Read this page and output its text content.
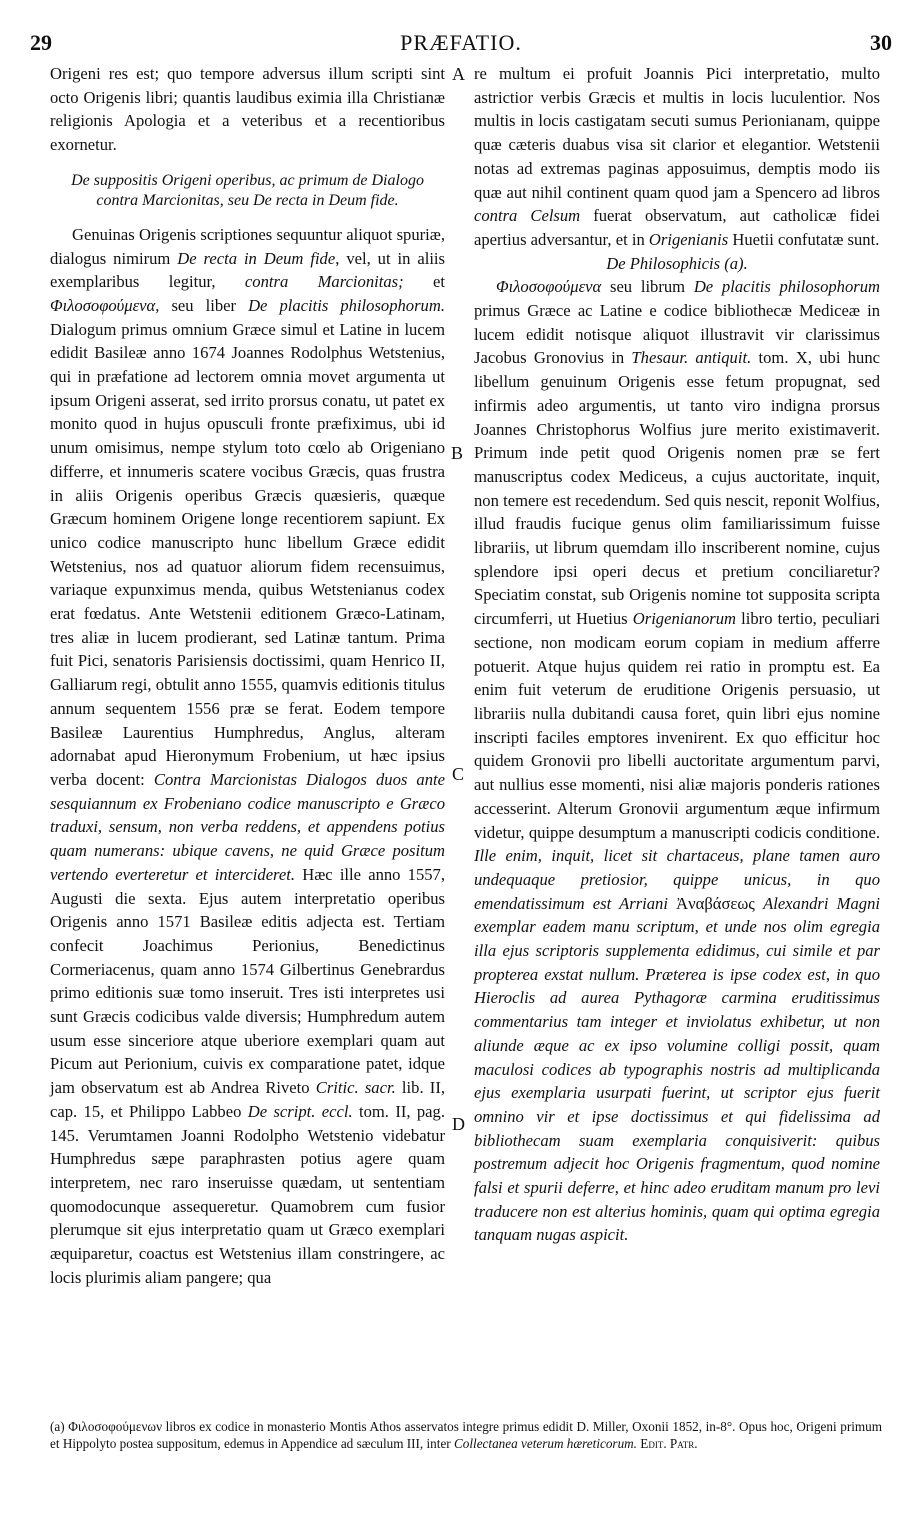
29	PRÆFATIO.	30

Origeni res est; quo tempore adversus illum scripti sint octo Origenis libri; quantis laudibus eximia illa Christianæ religionis Apologia et a veteribus et a recentioribus exornetur.

De suppositis Origeni operibus, ac primum de Dialogo contra Marcionitas, seu De recta in Deum fide.

Genuinas Origenis scriptiones sequuntur aliquot spuriæ, dialogus nimirum De recta in Deum fide, vel, ut in aliis exemplaribus legitur, contra Marcionitas; et Φιλοσοφούμενα, seu liber De placitis philosophorum. Dialogum primus omnium Græce simul et Latine in lucem edidit Basileæ anno 1674 Joannes Rodolphus Wetstenius, qui in præfatione ad lectorem omnia movet argumenta ut ipsum Origeni asserat, sed irrito prorsus conatu, ut patet ex monito quod in hujus opusculi fronte præfiximus, ubi id unum omisimus, nempe stylum toto cœlo ab Origeniano differre, et innumeris scatere vocibus Græcis, quas frustra in aliis Origenis operibus Græcis quæsieris, quæque Græcum hominem Origene longe recentiorem sapiunt. Ex unico codice manuscripto hunc libellum Græce edidit Wetstenius, nos ad quatuor aliorum fidem recensuimus, variaque expunximus menda, quibus Wetstenianus codex erat fœdatus. Ante Wetstenii editionem Græco-Latinam, tres aliæ in lucem prodierant, sed Latinæ tantum. Prima fuit Pici, senatoris Parisiensis doctissimi, quam Henrico II, Galliarum regi, obtulit anno 1555, quamvis editionis titulus annum sequentem 1556 præ se ferat. Eodem tempore Basileæ Laurentius Humphredus, Anglus, alteram adornabat apud Hieronymum Frobenium, ut hæc ipsius verba docent: Contra Marcionistas Dialogos duos ante sesquiannum ex Frobeniano codice manuscripto e Græco traduxi, sensum, non verba reddens, et appendens potius quam numerans: ubique cavens, ne quid Græce positum vertendo everteretur et intercideret. Hæc ille anno 1557, Augusti die sexta. Ejus autem interpretatio operibus Origenis anno 1571 Basileæ editis adjecta est. Tertiam confecit Joachimus Perionius, Benedictinus Cormeriacenus, quam anno 1574 Gilbertinus Genebrardus primo editionis suæ tomo inseruit. Tres isti interpretes usi sunt Græcis codicibus valde diversis; Humphredum autem usum esse sinceriore atque uberiore exemplari quam aut Picum aut Perionium, cuivis ex comparatione patet, idque jam observatum est ab Andrea Riveto Critic. sacr. lib. II, cap. 15, et Philippo Labbeo De script. eccl. tom. II, pag. 145. Verumtamen Joanni Rodolpho Wetstenio videbatur Humphredus sæpe paraphrasten potius agere quam interpretem, nec raro inseruisse quædam, ut sententiam quomodocunque assequeretur. Quamobrem cum fusior plerumque sit ejus interpretatio quam ut Græco exemplari æquiparetur, coactus est Wetstenius illam constringere, ac locis plurimis aliam pangere; qua

A
B
C
D

re multum ei profuit Joannis Pici interpretatio, multo astrictior verbis Græcis et multis in locis luculentior. Nos multis in locis castigatam secuti sumus Perionianam, quippe quæ cæteris duabus visa sit clarior et elegantior. Wetstenii notas ad extremas paginas apposuimus, demptis modo iis quæ aut nihil continent quam quod jam a Spencero ad libros contra Celsum fuerat observatum, aut catholicæ fidei apertius adversantur, et in Origenianis Huetii confutatæ sunt.

De Philosophicis (a).

Φιλοσοφούμενα seu librum De placitis philosophorum primus Græce ac Latine e codice bibliothecæ Mediceæ in lucem edidit notisque aliquot illustravit vir clarissimus Jacobus Gronovius in Thesaur. antiquit. tom. X, ubi hunc libellum genuinum Origenis esse fetum propugnat, sed infirmis adeo argumentis, ut tanto viro indigna prorsus Joannes Christophorus Wolfius jure merito existimaverit. Primum inde petit quod Origenis nomen præ se fert manuscriptus codex Mediceus, a cujus auctoritate, inquit, non temere est recedendum. Sed quis nescit, reponit Wolfius, illud fraudis fucique genus olim familiarissimum fuisse librariis, ut librum quemdam illo inscriberent nomine, cujus splendore ipsi operi decus et pretium conciliaretur? Speciatim constat, sub Origenis nomine tot supposita scripta circumferri, ut Huetius Origenianorum libro tertio, peculiari sectione, non modicam eorum copiam in medium afferre potuerit. Atque hujus quidem rei ratio in promptu est. Ea enim fuit veterum de eruditione Origenis persuasio, ut librariis nulla dubitandi causa foret, quin libri ejus nomine inscripti faciles emptores invenirent. Ex quo efficitur hoc quidem Gronovii pro libelli auctoritate argumentum parvi, aut nullius esse momenti, nisi aliæ majoris ponderis rationes accesserint. Alterum Gronovii argumentum æque infirmum videtur, quippe desumptum a manuscripti codicis conditione. Ille enim, inquit, licet sit chartaceus, plane tamen auro undequaque pretiosior, quippe unicus, in quo emendatissimum est Arriani Ἀναβάσεως Alexandri Magni exemplar eadem manu scriptum, et unde nos olim egregia illa ejus scriptoris supplementa edidimus, cui simile et par propterea exstat nullum. Præterea is ipse codex est, in quo Hieroclis ad aurea Pythagoræ carmina eruditissimus commentarius tam integer et inviolatus exhibetur, ut non aliunde æque ac ex ipso volumine colligi possit, quam maculosi codices ab typographis nostris ad multiplicanda ejus exemplaria usurpati fuerint, ut scriptor ejus fuerit omnino vir et ipse doctissimus et qui fidelissima ad bibliothecam suam exemplaria conquisiverit: quibus postremum adjecit hoc Origenis fragmentum, quod nomine falsi et spurii deferre, et hinc adeo eruditam manum pro levi traducere non est alterius hominis, quam qui optima egregia tanquam nugas aspicit.

(a) Φιλοσοφούμενων libros ex codice in monasterio Montis Athos asservatos integre primus edidit D. Miller, Oxonii 1852, in-8°. Opus hoc, Origeni primum et Hippolyto postea suppositum, edemus in Appendice ad sæculum III, inter Collectanea veterum hæreticorum. Edit. Patr.
